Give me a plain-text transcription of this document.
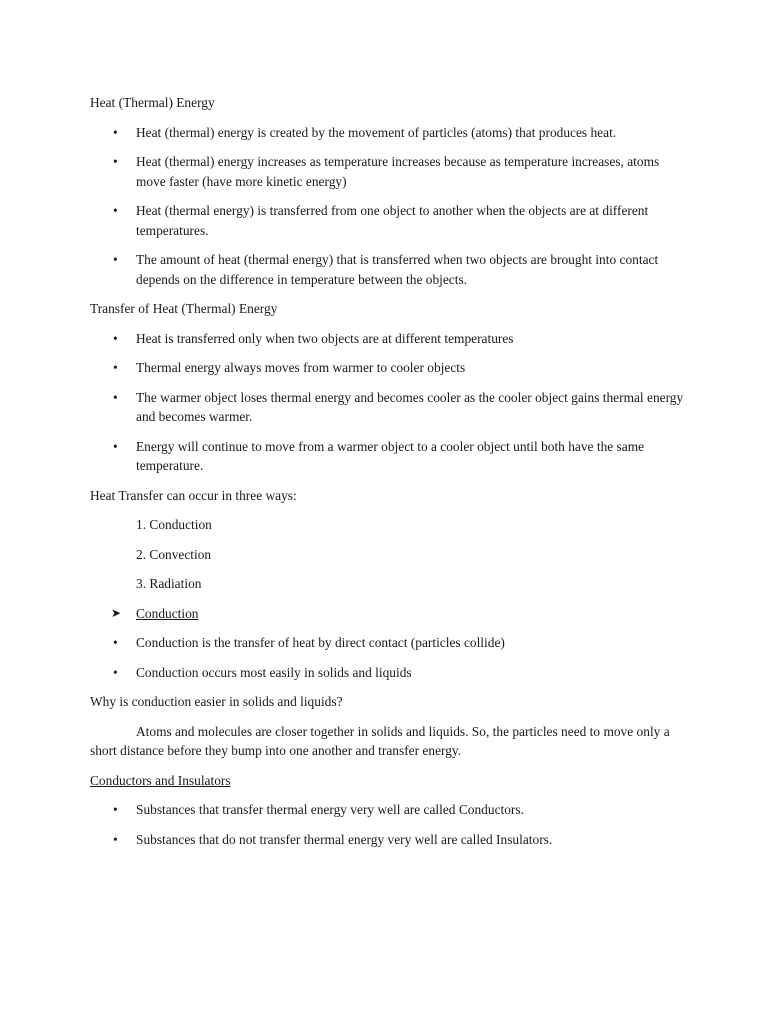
Heat (Thermal) Energy

• Heat (thermal) energy is created by the movement of particles (atoms) that produces heat.
• Heat (thermal) energy increases as temperature increases because as temperature increases, atoms move faster (have more kinetic energy)
• Heat (thermal energy) is transferred from one object to another when the objects are at different temperatures.
• The amount of heat (thermal energy) that is transferred when two objects are brought into contact depends on the difference in temperature between the objects.

Transfer of Heat (Thermal) Energy

• Heat is transferred only when two objects are at different temperatures
• Thermal energy always moves from warmer to cooler objects
• The warmer object loses thermal energy and becomes cooler as the cooler object gains thermal energy and becomes warmer.
• Energy will continue to move from a warmer object to a cooler object until both have the same temperature.

Heat Transfer can occur in three ways:

1. Conduction
2. Convection
3. Radiation
➤ Conduction
• Conduction is the transfer of heat by direct contact (particles collide)
• Conduction occurs most easily in solids and liquids

Why is conduction easier in solids and liquids?

Atoms and molecules are closer together in solids and liquids. So, the particles need to move only a short distance before they bump into one another and transfer energy.

Conductors and Insulators

• Substances that transfer thermal energy very well are called Conductors.
• Substances that do not transfer thermal energy very well are called Insulators.
